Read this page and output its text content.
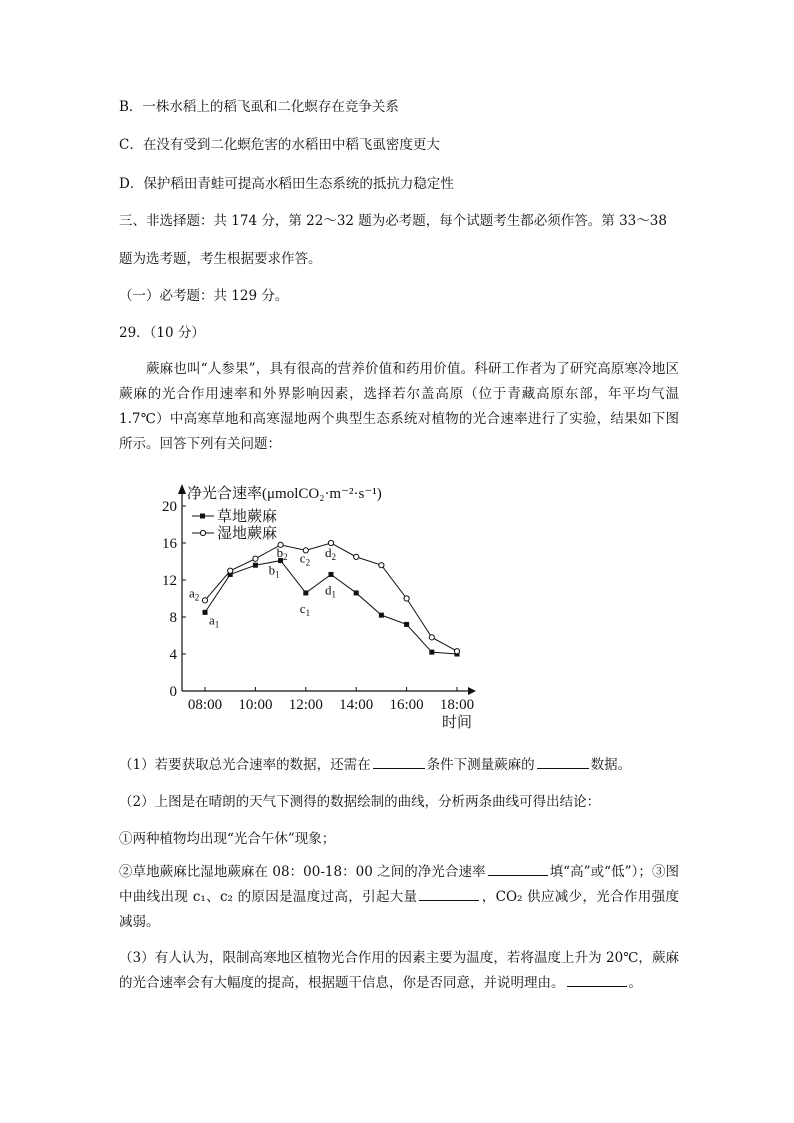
B．一株水稻上的稻飞虱和二化螟存在竞争关系
C．在没有受到二化螟危害的水稻田中稻飞虱密度更大
D．保护稻田青蛙可提高水稻田生态系统的抵抗力稳定性
三、非选择题：共 174 分，第 22～32 题为必考题，每个试题考生都必须作答。第 33～38
题为选考题，考生根据要求作答。
（一）必考题：共 129 分。
29．（10 分）
蕨麻也叫“人参果”，具有很高的营养价值和药用价值。科研工作者为了研究高原寒冷地区蕨麻的光合作用速率和外界影响因素，选择若尔盖高原（位于青藏高原东部，年平均气温 1.7℃）中高寒草地和高寒湿地两个典型生态系统对植物的光合速率进行了实验，结果如下图所示。回答下列有关问题：
0
4
8
12
16
20
08:00 10:00 12:00 14:00 16:00 18:00
时间
净光合速率(μmolCO₂·m⁻²·s⁻¹)
草地蕨麻
湿地蕨麻
$a_1$
$b_1$
$c_1$
$d_1$
$a_2$
$b_2$ $c_2$
$d_2$
（1）若要获取总光合速率的数据，还需在	条件下测量蕨麻的	数据。
（2）上图是在晴朗的天气下测得的数据绘制的曲线，分析两条曲线可得出结论：
①两种植物均出现“光合午休”现象；
②草地蕨麻比湿地蕨麻在 08：00-18：00 之间的净光合速率	填“高”或“低”）；③图中曲线出现 c₁、c₂ 的原因是温度过高，引起大量	，CO₂ 供应减少，光合作用强度减弱。
（3）有人认为，限制高寒地区植物光合作用的因素主要为温度，若将温度上升为 20℃，蕨麻的光合速率会有大幅度的提高，根据题干信息，你是否同意，并说明理由。	。
